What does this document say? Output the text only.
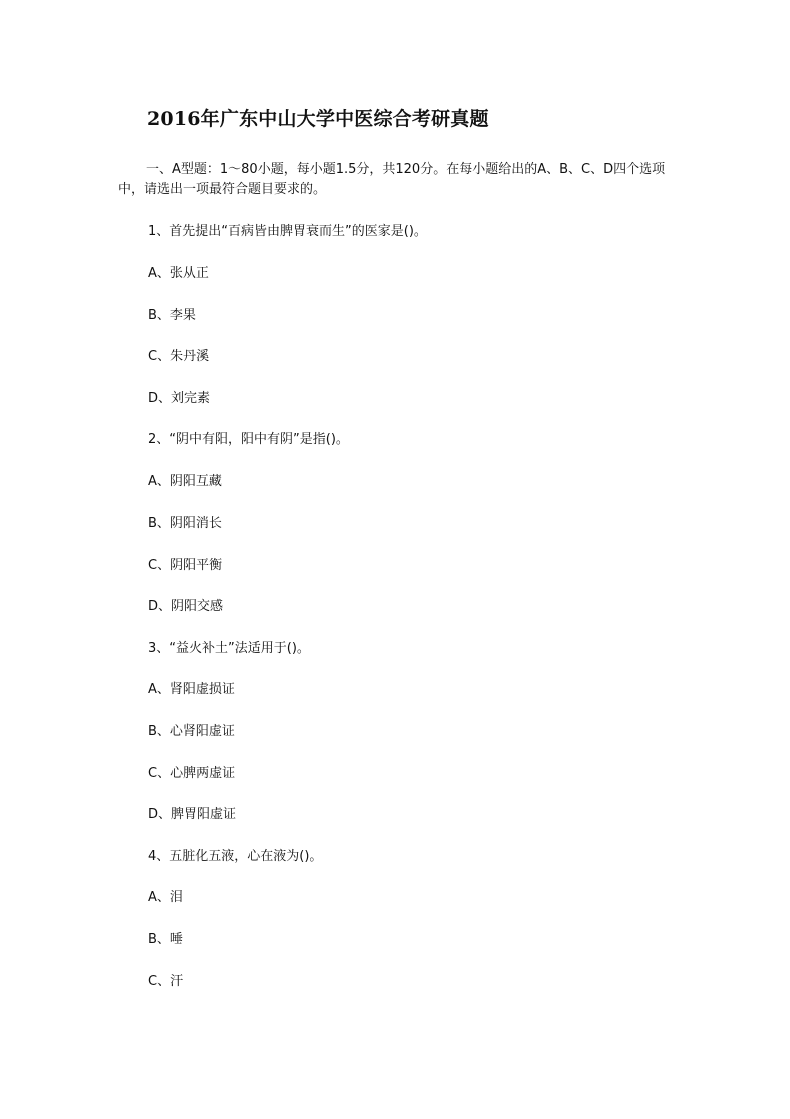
2016年广东中山大学中医综合考研真题

一、A型题：1～80小题，每小题1.5分，共120分。在每小题给出的A、B、C、D四个选项中，请选出一项最符合题目要求的。

1、首先提出“百病皆由脾胃衰而生”的医家是()。

A、张从正

B、李果

C、朱丹溪

D、刘完素

2、“阴中有阳，阳中有阴”是指()。

A、阴阳互藏

B、阴阳消长

C、阴阳平衡

D、阴阳交感

3、“益火补土”法适用于()。

A、肾阳虚损证

B、心肾阳虚证

C、心脾两虚证

D、脾胃阳虚证

4、五脏化五液，心在液为()。

A、泪

B、唾

C、汗
